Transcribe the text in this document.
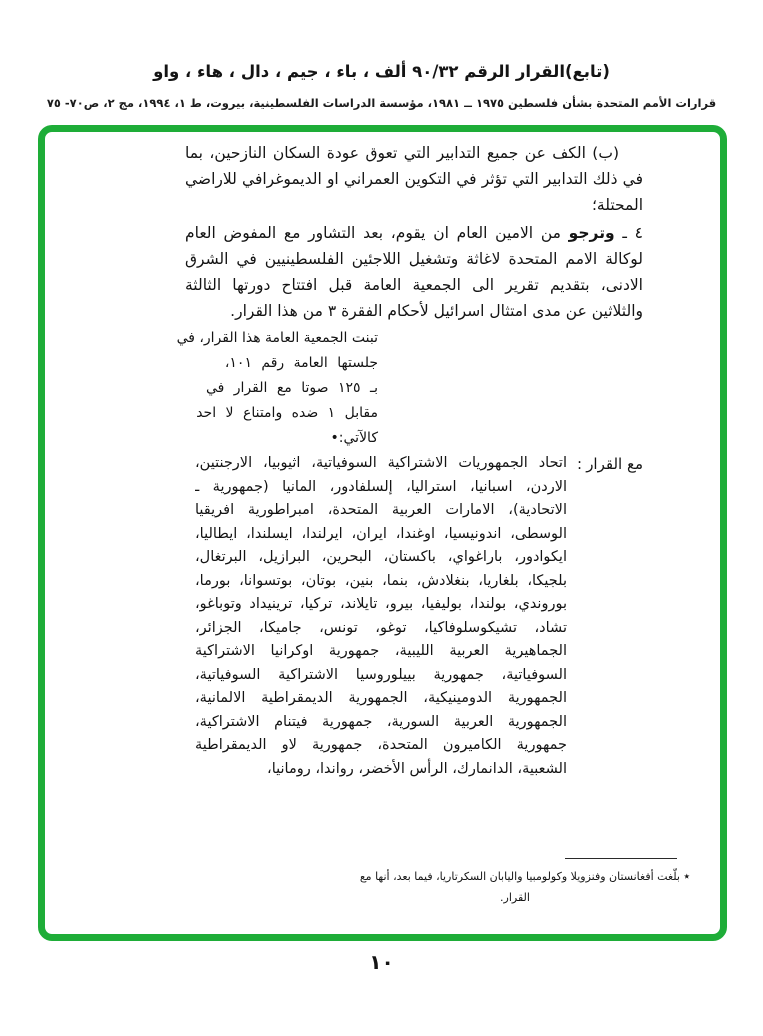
(تابع)القرار الرقم ٩٠/٣٢ ألف ، باء ، جيم ، دال ، هاء ، واو
قرارات الأمم المتحدة بشأن فلسطين ١٩٧٥ ــ ١٩٨١، مؤسسة الدراسات الفلسطينية، بيروت، ط ١، ١٩٩٤، مج ٢، ص٧٠- ٧٥
(ب) الكف عن جميع التدابير التي تعوق عودة السكان النازحين، بما في ذلك التدابير التي تؤثر في التكوين العمراني او الديموغرافي للاراضي المحتلة؛
٤ ـ وترجو من الامين العام ان يقوم، بعد التشاور مع المفوض العام لوكالة الامم المتحدة لاغاثة وتشغيل اللاجئين الفلسطينيين في الشرق الادنى، بتقديم تقرير الى الجمعية العامة قبل افتتاح دورتها الثالثة والثلاثين عن مدى امتثال اسرائيل لأحكام الفقرة ٣ من هذا القرار.
تبنت الجمعية العامة هذا القرار، في
جلستها العامة رقم ١٠١،
بـ ١٢٥ صوتا مع القرار في
مقابل ١ ضده وامتناع لا احد
كالآتي:•
مع القرار
:
اتحاد الجمهوريات الاشتراكية السوفياتية، اثيوبيا، الارجنتين، الاردن، اسبانيا، استراليا، إلسلفادور، المانيا (جمهورية ـ الاتحادية)، الامارات العربية المتحدة، امبراطورية افريقيا الوسطى، اندونيسيا، اوغندا، ايران، ايرلندا، ايسلندا، ايطاليا، ايكوادور، باراغواي، باكستان، البحرين، البرازيل، البرتغال، بلجيكا، بلغاريا، بنغلادش، بنما، بنين، بوتان، بوتسوانا، بورما، بوروندي، بولندا، بوليفيا، بيرو، تايلاند، تركيا، ترينيداد وتوباغو، تشاد، تشيكوسلوفاكيا، توغو، تونس، جاميكا، الجزائر، الجماهيرية العربية الليبية، جمهورية اوكرانيا الاشتراكية السوفياتية، جمهورية بييلوروسيا الاشتراكية السوفياتية، الجمهورية الدومينيكية، الجمهورية الديمقراطية الالمانية، الجمهورية العربية السورية، جمهورية فيتنام الاشتراكية، جمهورية الكاميرون المتحدة، جمهورية لاو الديمقراطية الشعبية، الدانمارك، الرأس الأخضر، رواندا، رومانيا،
٭ بلّغت أفغانستان وفنزويلا وكولومبيا واليابان السكرتاريا، فيما بعد، أنها مع
القرار.
١٠
